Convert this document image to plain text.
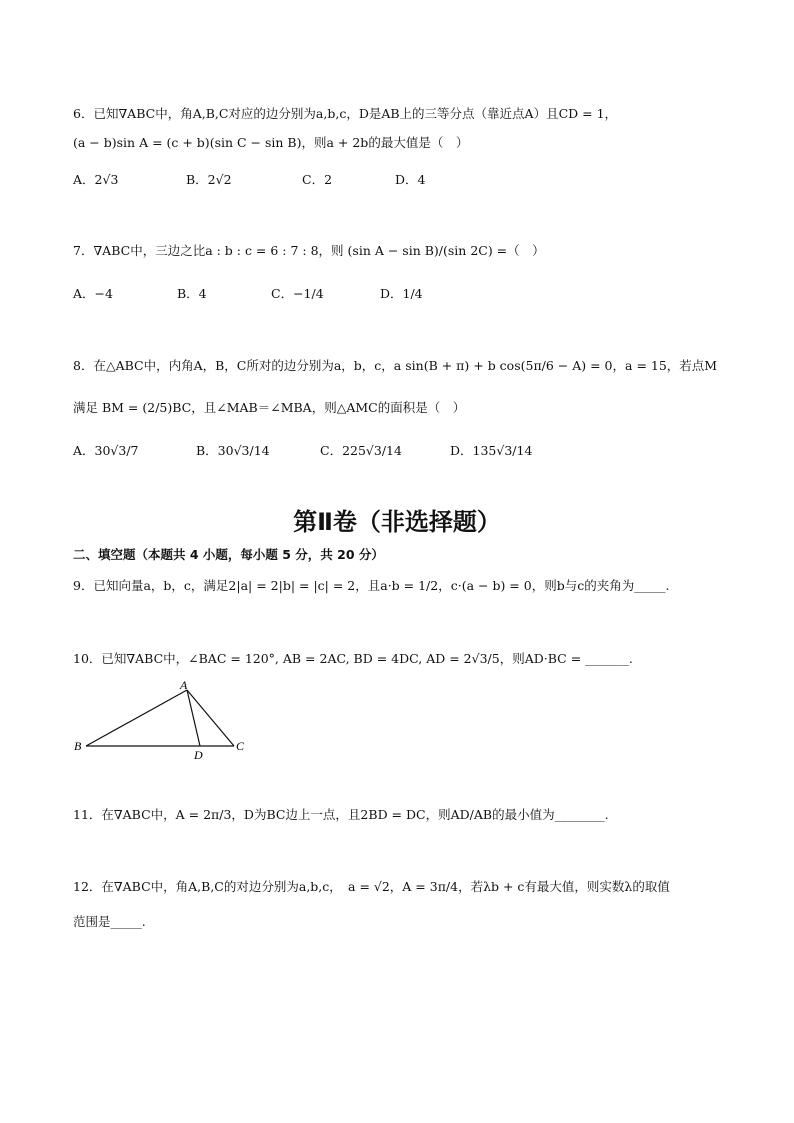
6．已知∇ABC中，角A,B,C对应的边分别为a,b,c，D是AB上的三等分点（靠近点A）且CD = 1，
(a − b)sin A = (c + b)(sin C − sin B)，则a + 2b的最大值是（　）
A．2√3	B．2√2	C．2	D．4
7．∇ABC中，三边之比a : b : c = 6 : 7 : 8，则 (sin A − sin B)/(sin 2C) =（　）
A．−4	B．4	C．−1/4	D．1/4
8．在△ABC中，内角A，B，C所对的边分别为a，b，c，a sin(B + π) + b cos(5π/6 − A) = 0，a = 15，若点M
满足 BM = (2/5)BC，且∠MAB＝∠MBA，则△AMC的面积是（　）
A．30√3/7	B．30√3/14	C．225√3/14	D．135√3/14
第Ⅱ卷（非选择题）
二、填空题（本题共 4 小题，每小题 5 分，共 20 分）
9．已知向量a，b，c，满足2|a| = 2|b| = |c| = 2，且a·b = 1/2，c·(a − b) = 0，则b与c的夹角为_____.
10．已知∇ABC中，∠BAC = 120°, AB = 2AC, BD = 4DC, AD = 2√3/5，则AD·BC = _______.
A
B
D
C
11．在∇ABC中，A = 2π/3，D为BC边上一点，且2BD = DC，则AD/AB的最小值为________.
12．在∇ABC中，角A,B,C的对边分别为a,b,c，　a = √2，A = 3π/4，若λb + c有最大值，则实数λ的取值
范围是_____.
